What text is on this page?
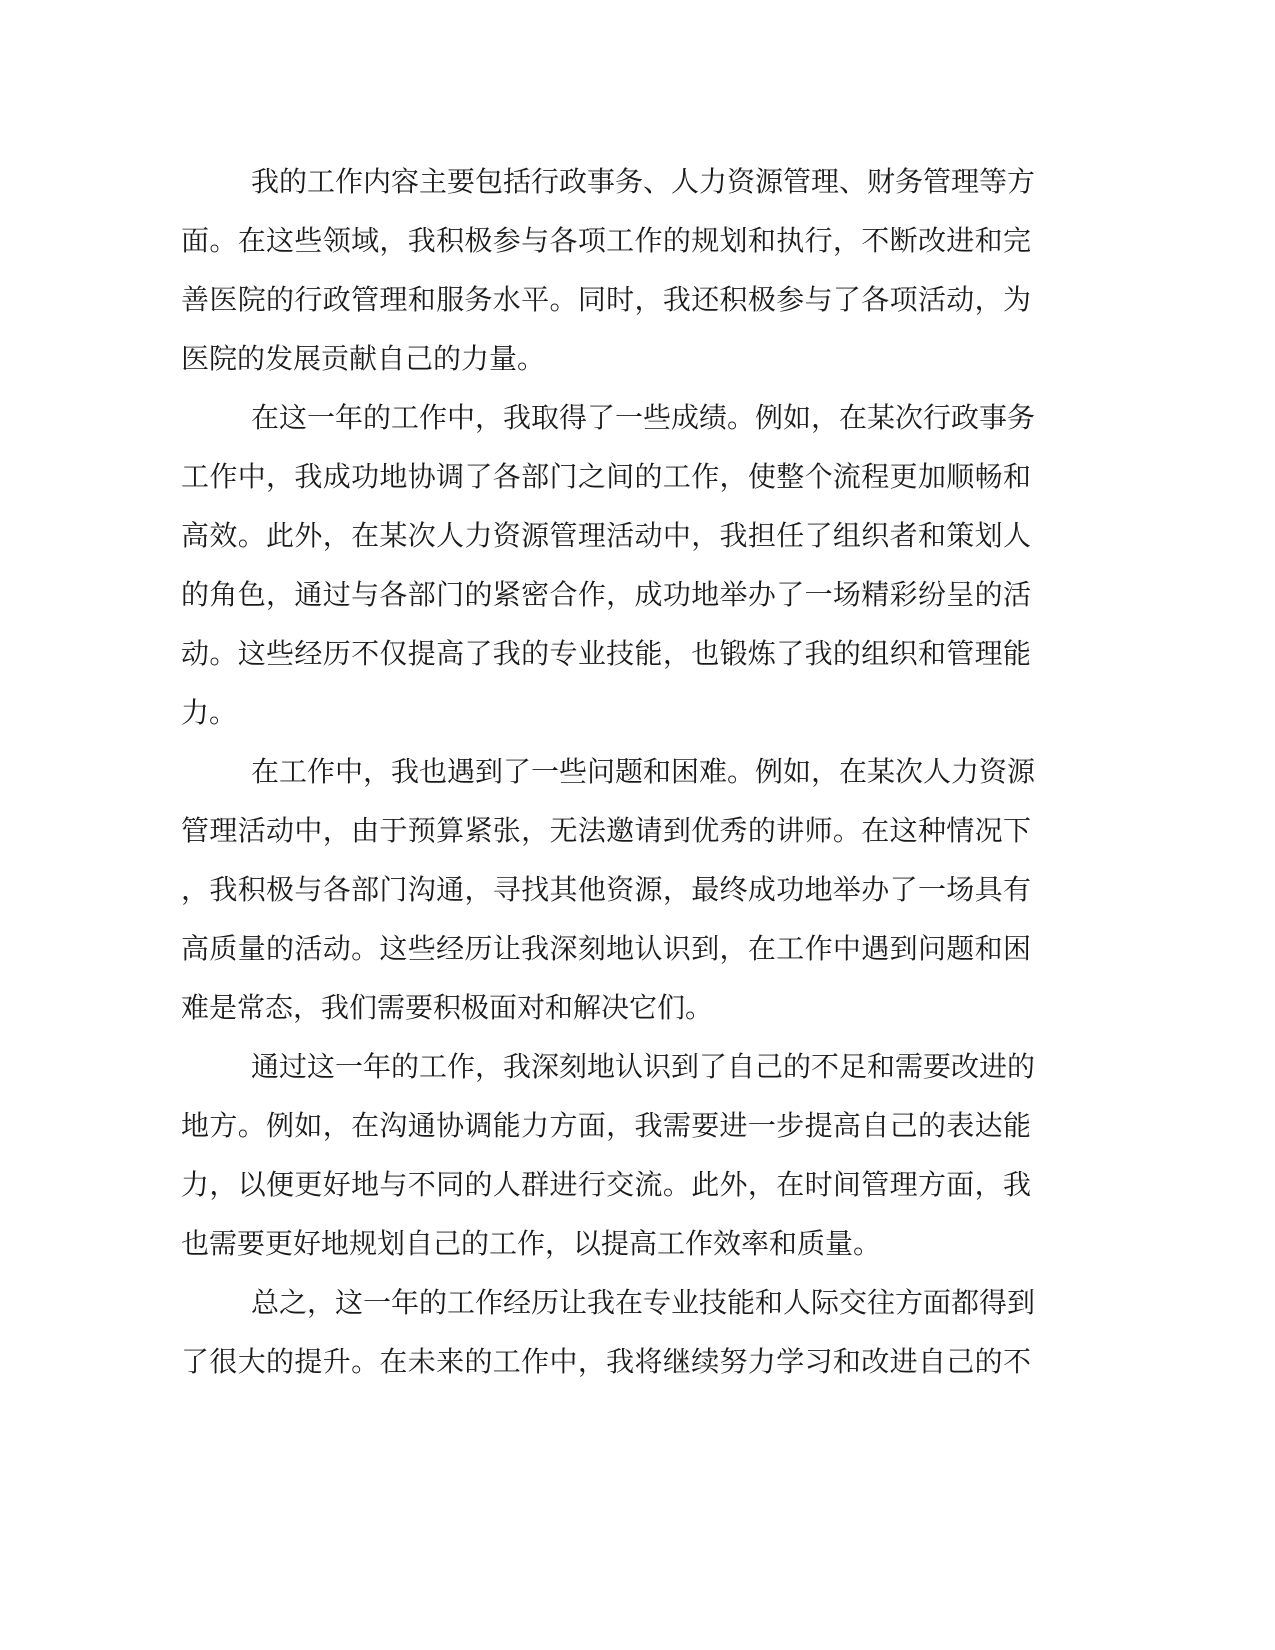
我的工作内容主要包括行政事务、人力资源管理、财务管理等方

面。在这些领域，我积极参与各项工作的规划和执行，不断改进和完

善医院的行政管理和服务水平。同时，我还积极参与了各项活动，为

医院的发展贡献自己的力量。

在这一年的工作中，我取得了一些成绩。例如，在某次行政事务

工作中，我成功地协调了各部门之间的工作，使整个流程更加顺畅和

高效。此外，在某次人力资源管理活动中，我担任了组织者和策划人

的角色，通过与各部门的紧密合作，成功地举办了一场精彩纷呈的活

动。这些经历不仅提高了我的专业技能，也锻炼了我的组织和管理能

力。

在工作中，我也遇到了一些问题和困难。例如，在某次人力资源

管理活动中，由于预算紧张，无法邀请到优秀的讲师。在这种情况下

，我积极与各部门沟通，寻找其他资源，最终成功地举办了一场具有

高质量的活动。这些经历让我深刻地认识到，在工作中遇到问题和困

难是常态，我们需要积极面对和解决它们。

通过这一年的工作，我深刻地认识到了自己的不足和需要改进的

地方。例如，在沟通协调能力方面，我需要进一步提高自己的表达能

力，以便更好地与不同的人群进行交流。此外，在时间管理方面，我

也需要更好地规划自己的工作，以提高工作效率和质量。

总之，这一年的工作经历让我在专业技能和人际交往方面都得到

了很大的提升。在未来的工作中，我将继续努力学习和改进自己的不
